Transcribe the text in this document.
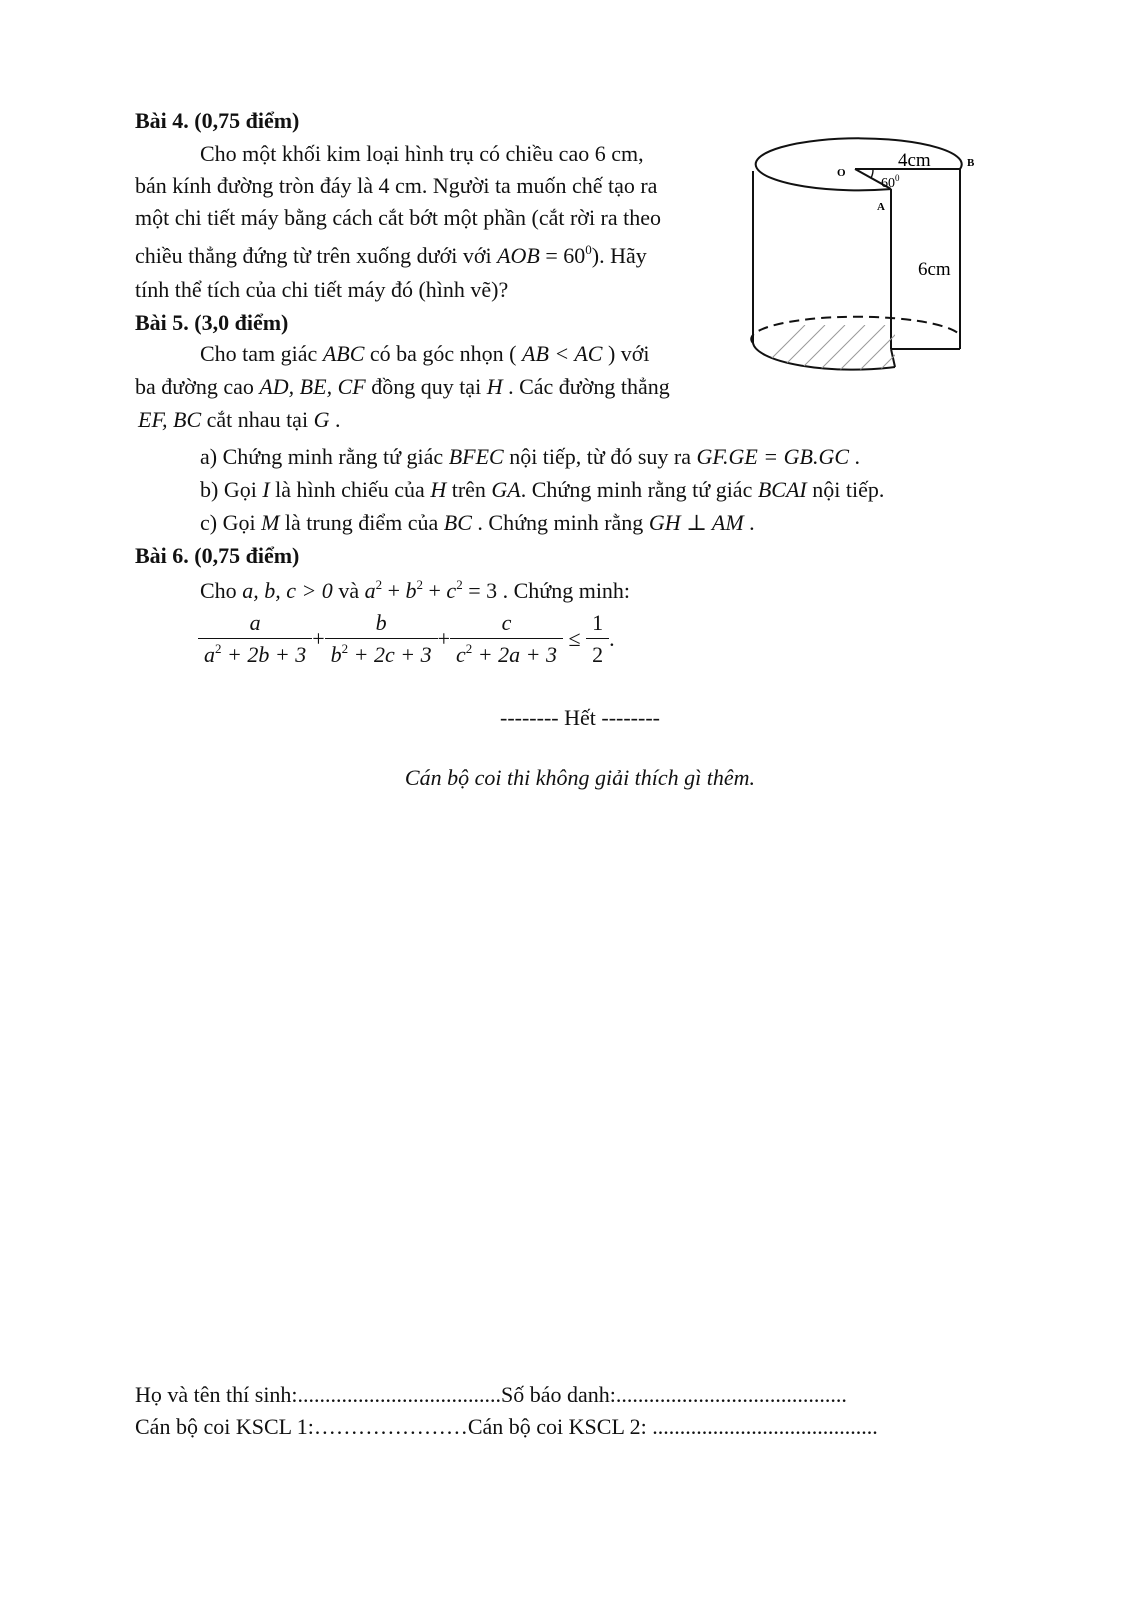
Bài 4. (0,75 điểm)
Cho một khối kim loại hình trụ có chiều cao 6 cm,
bán kính đường tròn đáy là 4 cm. Người ta muốn chế tạo ra
một chi tiết máy bằng cách cắt bớt một phần (cắt rời ra theo
chiều thẳng đứng từ trên xuống dưới với AOB = $60^0$). Hãy
tính thể tích của chi tiết máy đó (hình vẽ)?
O
B
A
4cm
$60^0$
6cm
Bài 5. (3,0 điểm)
Cho tam giác ABC có ba góc nhọn ( AB < AC ) với
ba đường cao AD, BE, CF đồng quy tại H . Các đường thẳng
EF, BC cắt nhau tại G .
a) Chứng minh rằng tứ giác BFEC nội tiếp, từ đó suy ra GF.GE = GB.GC .
b) Gọi I là hình chiếu của H trên GA. Chứng minh rằng tứ giác BCAI nội tiếp.
c) Gọi M là trung điểm của BC . Chứng minh rằng GH ⊥ AM .
Bài 6. (0,75 điểm)
Cho a, b, c > 0 và $a^2 + b^2 + c^2 = 3$ . Chứng minh:
$\frac{a}{a^2 + 2b + 3} + \frac{b}{b^2 + 2c + 3} + \frac{c}{c^2 + 2a + 3} \le \frac{1}{2}$ .
-------- Hết --------
Cán bộ coi thi không giải thích gì thêm.
Họ và tên thí sinh:.....................................Số báo danh:..........................................
Cán bộ coi KSCL 1:…………………Cán bộ coi KSCL 2: .........................................
